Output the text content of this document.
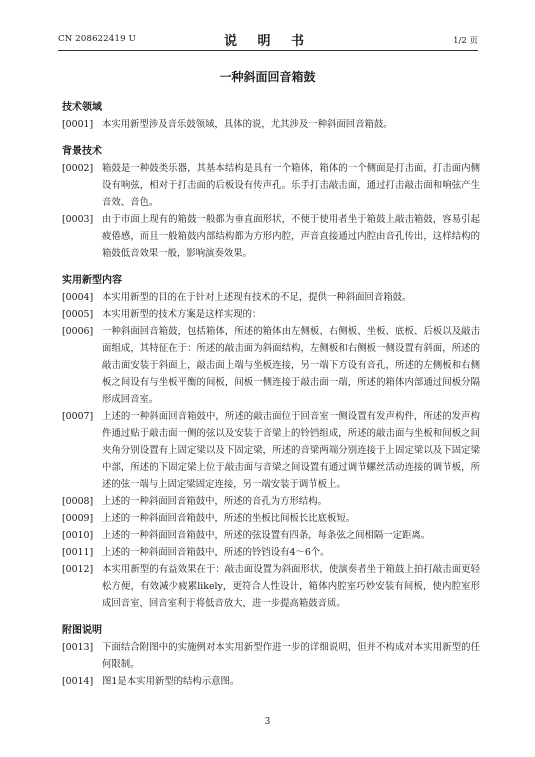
CN 208622419 U	说 明 书	1/2 页
一种斜面回音箱鼓
技术领域
[0001] 本实用新型涉及音乐鼓领域，具体的说，尤其涉及一种斜面回音箱鼓。
背景技术
[0002] 箱鼓是一种鼓类乐器，其基本结构是具有一个箱体，箱体的一个侧面是打击面，打击面内侧设有响弦，相对于打击面的后板设有传声孔。乐手打击敲击面，通过打击敲击面和响弦产生音效、音色。
[0003] 由于市面上现有的箱鼓一般都为垂直面形状，不便于使用者坐于箱鼓上敲击箱鼓，容易引起疲倦感，而且一般箱鼓内部结构都为方形内腔，声音直接通过内腔由音孔传出，这样结构的箱鼓低音效果一般，影响演奏效果。
实用新型内容
[0004] 本实用新型的目的在于针对上述现有技术的不足，提供一种斜面回音箱鼓。
[0005] 本实用新型的技术方案是这样实现的：
[0006] 一种斜面回音箱鼓，包括箱体，所述的箱体由左侧板、右侧板、坐板、底板、后板以及敲击面组成，其特征在于：所述的敲击面为斜面结构，左侧板和右侧板一侧设置有斜面，所述的敲击面安装于斜面上，敲击面上端与坐板连接，另一端下方设有音孔，所述的左侧板和右侧板之间设有与坐板平衡的间板，间板一侧连接于敲击面一端，所述的箱体内部通过间板分隔形成回音室。
[0007] 上述的一种斜面回音箱鼓中，所述的敲击面位于回音室一侧设置有发声构件，所述的发声构件通过贴于敲击面一侧的弦以及安装于音梁上的铃铛组成，所述的敲击面与坐板和间板之间夹角分别设置有上固定梁以及下固定梁，所述的音梁两端分别连接于上固定梁以及下固定梁中部，所述的下固定梁上位于敲击面与音梁之间设置有通过调节螺丝活动连接的调节板，所述的弦一端与上固定梁固定连接，另一端安装于调节板上。
[0008] 上述的一种斜面回音箱鼓中，所述的音孔为方形结构。
[0009] 上述的一种斜面回音箱鼓中，所述的坐板比间板长比底板短。
[0010] 上述的一种斜面回音箱鼓中，所述的弦设置有四条，每条弦之间相隔一定距离。
[0011] 上述的一种斜面回音箱鼓中，所述的铃铛设有4～6个。
[0012] 本实用新型的有益效果在于：敲击面设置为斜面形状，使演奏者坐于箱鼓上拍打敲击面更轻松方便，有效减少疲累likely，更符合人性设计，箱体内腔室巧妙安装有间板，使内腔室形成回音室，回音室利于将低音放大，进一步提高箱鼓音质。
附图说明
[0013] 下面结合附图中的实施例对本实用新型作进一步的详细说明，但并不构成对本实用新型的任何限制。
[0014] 图1是本实用新型的结构示意图。
3
